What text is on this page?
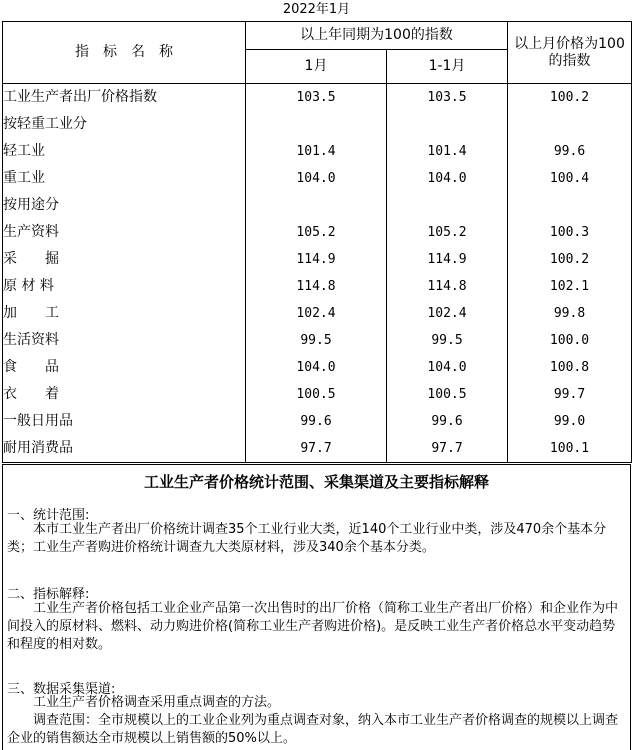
2022年1月
指　标　名　称	以上年同期为100的指数		以上月价格为100的指数
	1月	1-1月	
工业生产者出厂价格指数	103.5	103.5	100.2
按轻重工业分			
轻工业	101.4	101.4	99.6
重工业	104.0	104.0	100.4
按用途分			
生产资料	105.2	105.2	100.3
采　　掘	114.9	114.9	100.2
原 材 料	114.8	114.8	102.1
加　　工	102.4	102.4	99.8
生活资料	99.5	99.5	100.0
食　　品	104.0	104.0	100.8
衣　　着	100.5	100.5	99.7
一般日用品	99.6	99.6	99.0
耐用消费品	97.7	97.7	100.1
工业生产者价格统计范围、采集渠道及主要指标解释
一、统计范围:
本市工业生产者出厂价格统计调查35个工业行业大类，近140个工业行业中类，涉及470余个基本分类；工业生产者购进价格统计调查九大类原材料，涉及340余个基本分类。
二、指标解释:
工业生产者价格包括工业企业产品第一次出售时的出厂价格（简称工业生产者出厂价格）和企业作为中间投入的原材料、燃料、动力购进价格(简称工业生产者购进价格)。是反映工业生产者价格总水平变动趋势和程度的相对数。
三、数据采集渠道:
工业生产者价格调查采用重点调查的方法。
调查范围：全市规模以上的工业企业列为重点调查对象，纳入本市工业生产者价格调查的规模以上调查企业的销售额达全市规模以上销售额的50%以上。
